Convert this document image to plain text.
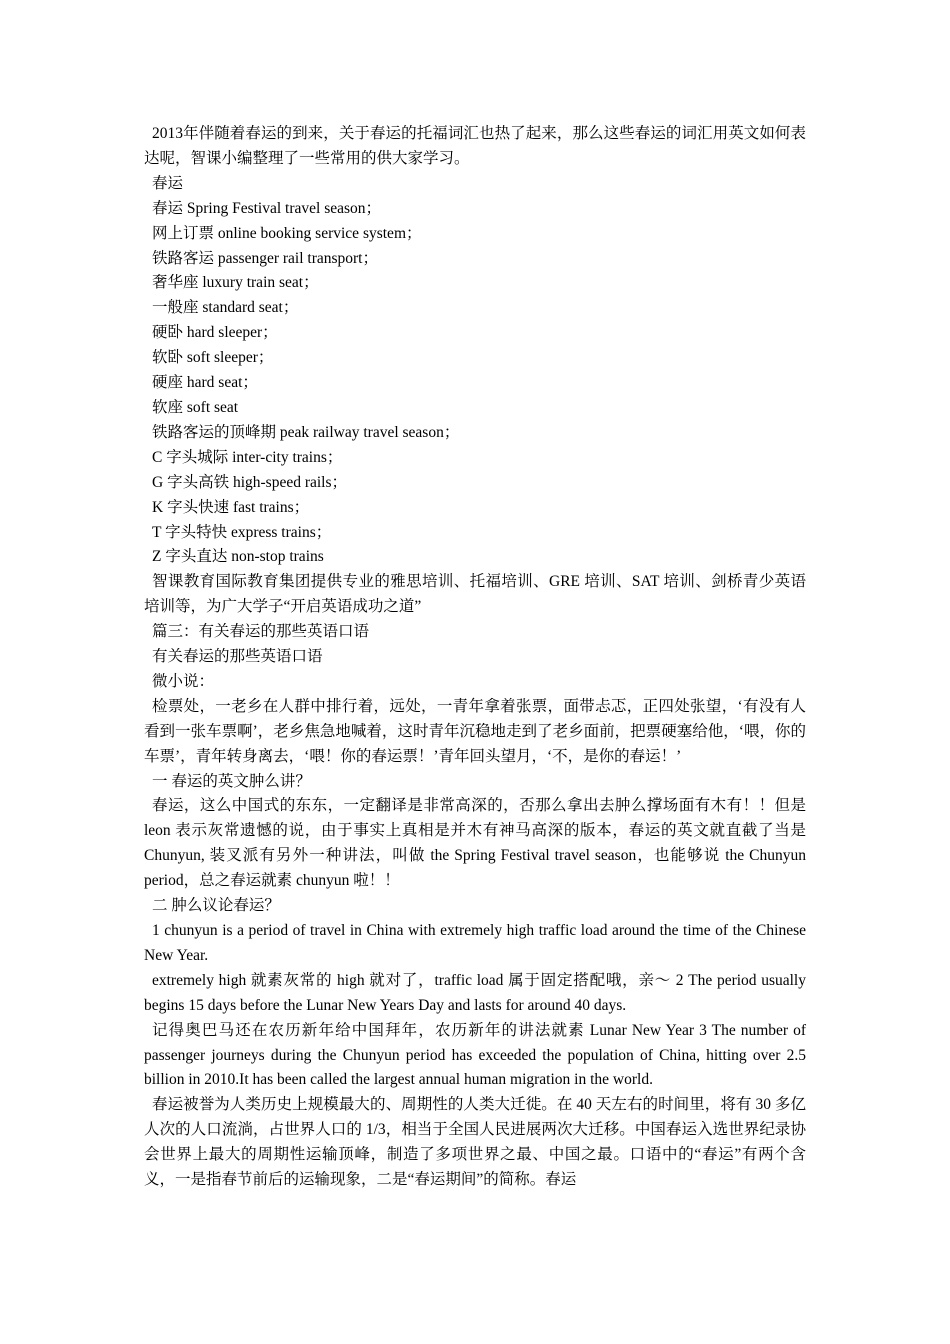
2013年伴随着春运的到来，关于春运的托福词汇也热了起来，那么这些春运的词汇用英文如何表达呢，智课小编整理了一些常用的供大家学习。

春运

春运 Spring Festival travel season；

网上订票 online booking service system；

铁路客运 passenger rail transport；

奢华座 luxury train seat；

一般座 standard seat；

硬卧 hard sleeper；

软卧 soft sleeper；

硬座 hard seat；

软座 soft seat

铁路客运的顶峰期 peak railway travel season；

C 字头城际 inter-city trains；

G 字头高铁 high-speed rails；

K 字头快速 fast trains；

T 字头特快 express trains；

Z 字头直达 non-stop trains

智课教育国际教育集团提供专业的雅思培训、托福培训、GRE 培训、SAT 培训、剑桥青少英语培训等，为广大学子“开启英语成功之道”

篇三：有关春运的那些英语口语

有关春运的那些英语口语

微小说：

检票处，一老乡在人群中排行着，远处，一青年拿着张票，面带忐忑，正四处张望，‘有没有人看到一张车票啊’，老乡焦急地喊着，这时青年沉稳地走到了老乡面前，把票硬塞给他，‘喂，你的车票’，青年转身离去，‘喂！你的春运票！’青年回头望月，‘不，是你的春运！’

一 春运的英文肿么讲？

春运，这么中国式的东东，一定翻译是非常高深的，否那么拿出去肿么撑场面有木有！！但是 leon 表示灰常遗憾的说，由于事实上真相是并木有神马高深的版本，春运的英文就直截了当是 Chunyun, 装叉派有另外一种讲法，叫做 the Spring Festival travel season，也能够说 the Chunyun period，总之春运就素 chunyun 啦！！

二 肿么议论春运？

1 chunyun is a period of travel in China with extremely high traffic load around the time of the Chinese New Year.

extremely high 就素灰常的 high 就对了，traffic load 属于固定搭配哦，亲～ 2 The period usually begins 15 days before the Lunar New Years Day and lasts for around 40 days.

记得奥巴马还在农历新年给中国拜年，农历新年的讲法就素 Lunar New Year 3 The number of passenger journeys during the Chunyun period has exceeded the population of China, hitting over 2.5 billion in 2010.It has been called the largest annual human migration in the world.

春运被誉为人类历史上规模最大的、周期性的人类大迁徙。在 40 天左右的时间里，将有 30 多亿人次的人口流淌，占世界人口的 1/3，相当于全国人民进展两次大迁移。中国春运入选世界纪录协会世界上最大的周期性运输顶峰，制造了多项世界之最、中国之最。口语中的“春运”有两个含义，一是指春节前后的运输现象，二是“春运期间”的简称。春运
